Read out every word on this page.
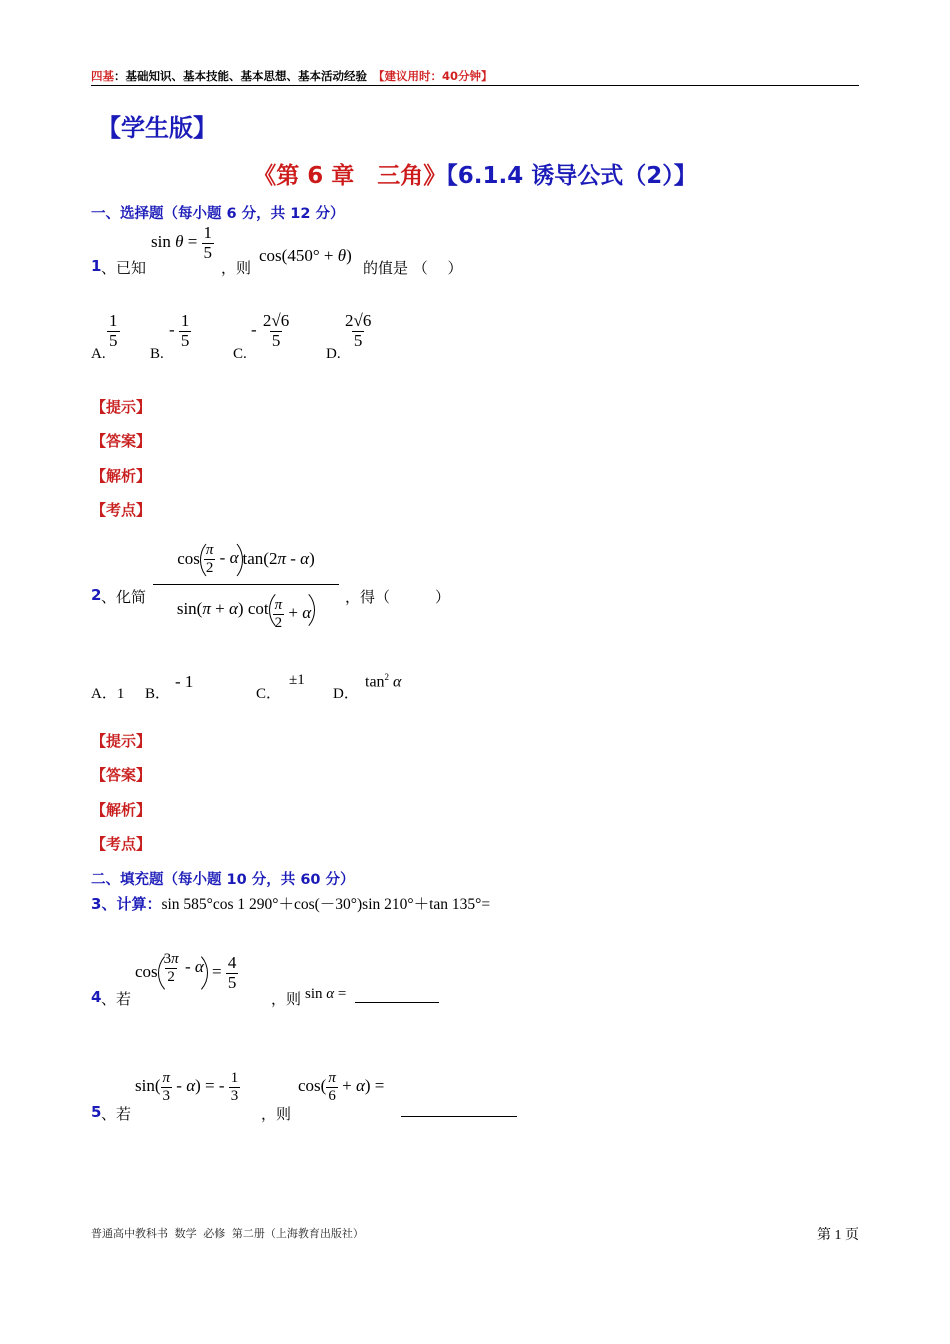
四基：基础知识、基本技能、基本思想、基本活动经验 【建议用时：40分钟】
【学生版】
《第 6 章　三角》【6.1.4 诱导公式（2）】
一、选择题（每小题 6 分，共 12 分）
1 、已知
$\sin \theta = \frac{1}{5}$
，则
cos(450° + θ)
的值是 （　 ）
A.
$\frac{1}{5}$
B.
- $\frac{1}{5}$
C.
- $\frac{2√6}{5}$
D.
$\frac{2√6}{5}$
【提示】
【答案】
【解析】
【考点】
2 、化简
$\cos \frac{\pi}{2}$ - α tan(2π - α)
sin(π + α) $\cot \frac{\pi}{2} + \alpha$
，得（　　　）
A．1 B．
- 1
C．
±1
D．
$\tan^2 \alpha$
【提示】
【答案】
【解析】
【考点】
二、填充题（每小题 10 分，共 60 分）
3、计算：sin 585°cos 1 290°＋cos(－30°)sin 210°＋tan 135°=
4 、若
$\cos \frac{3\pi}{2} - \alpha = \frac{4}{5}$
，则 sin α =
5 、若
$\sin( \frac{\pi}{3} - \alpha)$ = - $\frac{1}{3}$
，则
$\cos( \frac{\pi}{6} + \alpha)$ =
普通高中教科书 数学 必修 第二册（上海教育出版社）	第 1 页
